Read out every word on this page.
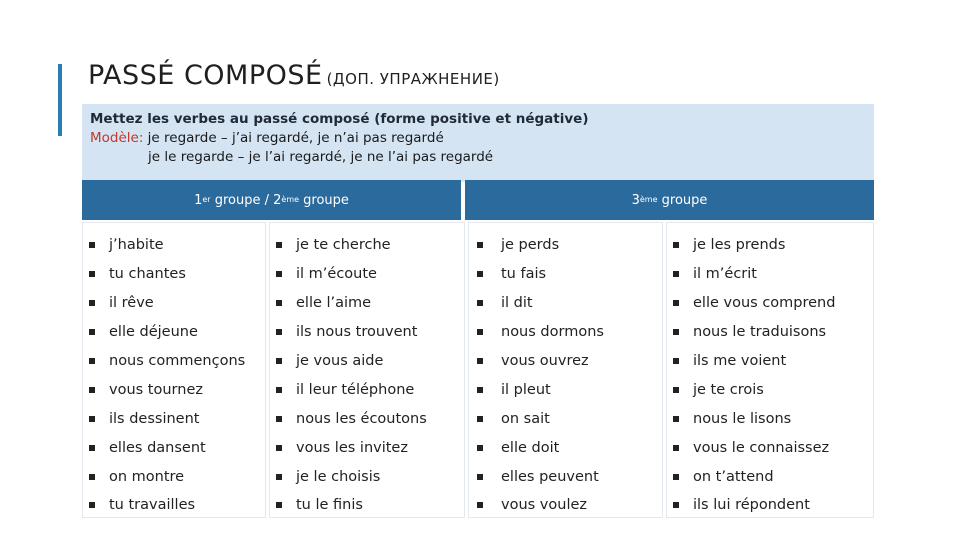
PASSÉ COMPOSÉ (ДОП. УПРАЖНЕНИЕ)
Mettez les verbes au passé composé (forme positive et négative)
Modèle: je regarde – j’ai regardé, je n’ai pas regardé
je le regarde – je l’ai regardé, je ne l’ai pas regardé
1er groupe / 2ème groupe	3ème groupe
j’habite
tu chantes
il rêve
elle déjeune
nous commençons
vous tournez
ils dessinent
elles dansent
on montre
tu travailles
je te cherche
il m’écoute
elle l’aime
ils nous trouvent
je vous aide
il leur téléphone
nous les écoutons
vous les invitez
je le choisis
tu le finis
je perds
tu fais
il dit
nous dormons
vous ouvrez
il pleut
on sait
elle doit
elles peuvent
vous voulez
je les prends
il m’écrit
elle vous comprend
nous le traduisons
ils me voient
je te crois
nous le lisons
vous le connaissez
on t’attend
ils lui répondent
